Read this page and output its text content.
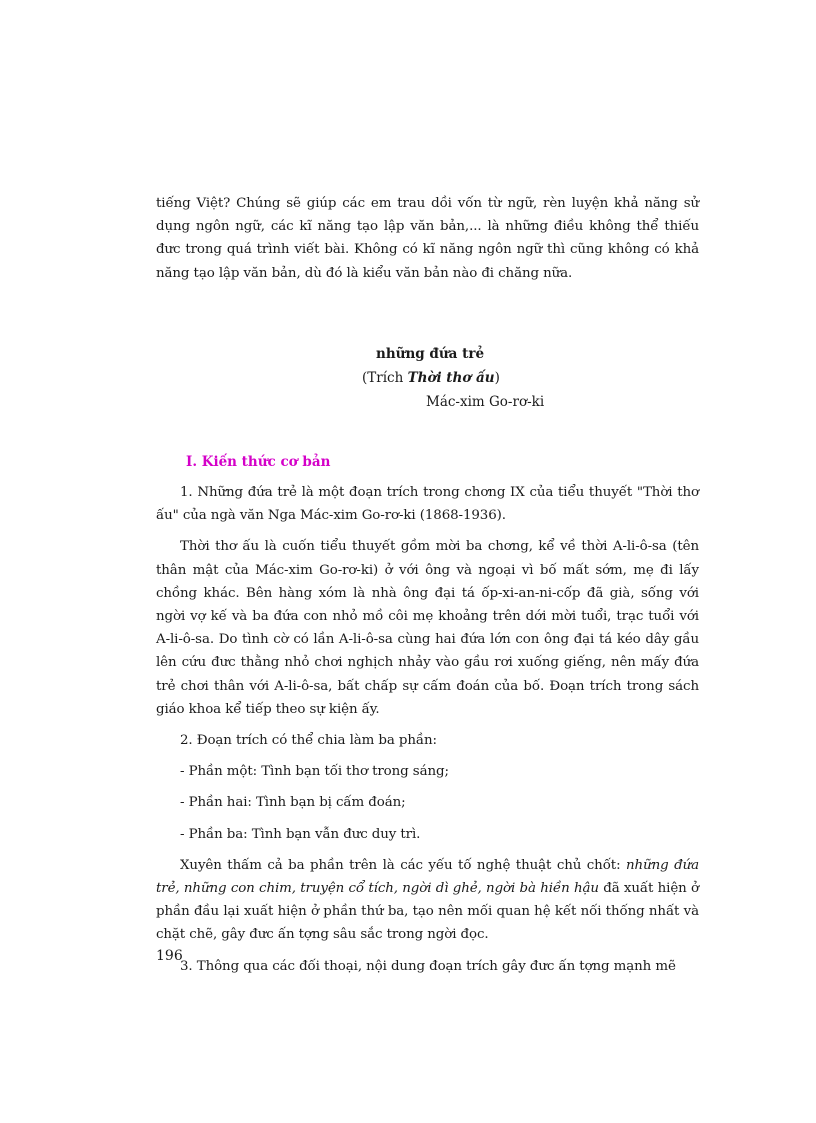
tiếng Việt? Chúng sẽ giúp các em trau dồi vốn từ ngữ, rèn luyện khả năng sử dụng ngôn ngữ, các kĩ năng tạo lập văn bản,... là những điều không thể thiếu đưc trong quá trình viết bài. Không có kĩ năng ngôn ngữ thì cũng không có khả năng tạo lập văn bản, dù đó là kiểu văn bản nào đi chăng nữa.

những đứa trẻ
(Trích Thời thơ ấu)
Mác-xim Go-rơ-ki
I. Kiến thức cơ bản

1. Những đứa trẻ là một đoạn trích trong chơng IX của tiểu thuyết "Thời thơ ấu" của ngà văn Nga Mác-xim Go-rơ-ki (1868-1936).

Thời thơ ấu là cuốn tiểu thuyết gồm mời ba chơng, kể về thời A-li-ô-sa (tên thân mật của Mác-xim Go-rơ-ki) ở với ông và ngoại vì bố mất sớm, mẹ đi lấy chồng khác. Bên hàng xóm là nhà ông đại tá ốp-xi-an-ni-cốp đã già, sống với ngời vợ kế và ba đứa con nhỏ mồ côi mẹ khoảng trên dới mời tuổi, trạc tuổi với A-li-ô-sa. Do tình cờ có lần A-li-ô-sa cùng hai đứa lớn con ông đại tá kéo dây gầu lên cứu đưc thằng nhỏ chơi nghịch nhảy vào gầu rơi xuống giếng, nên mấy đứa trẻ chơi thân với A-li-ô-sa, bất chấp sự cấm đoán của bố. Đoạn trích trong sách giáo khoa kể tiếp theo sự kiện ấy.

2. Đoạn trích có thể chia làm ba phần:

- Phần một: Tình bạn tối thơ trong sáng;

- Phần hai: Tình bạn bị cấm đoán;

- Phần ba: Tình bạn vẫn đưc duy trì.

Xuyên thấm cả ba phần trên là các yếu tố nghệ thuật chủ chốt: những đứa trẻ, những con chim, truyện cổ tích, ngời dì ghẻ, ngời bà hiền hậu đã xuất hiện ở phần đầu lại xuất hiện ở phần thứ ba, tạo nên mối quan hệ kết nối thống nhất và chặt chẽ, gây đưc ấn tợng sâu sắc trong ngời đọc.

3. Thông qua các đối thoại, nội dung đoạn trích gây đưc ấn tợng mạnh mẽ

196
